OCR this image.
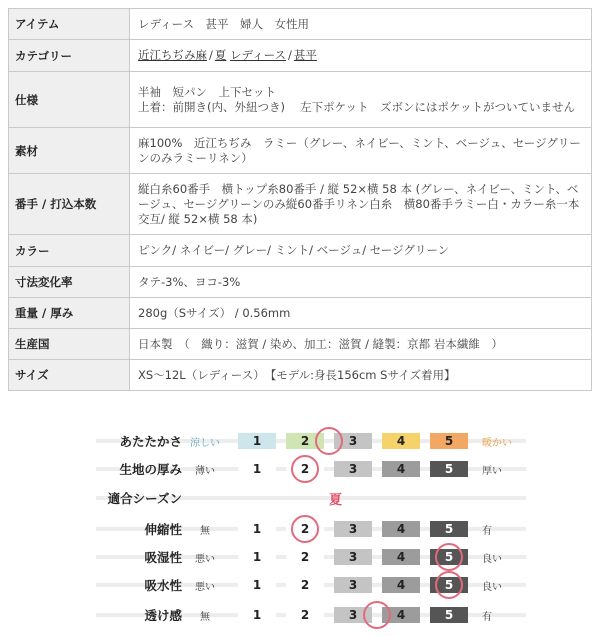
アイテム	レディース　甚平　婦人　女性用
カテゴリー	近江ちぢみ麻 / 夏 レディース / 甚平
仕様	半袖　短パン　上下セット
上着：前開き(内、外紐つき)　 左下ポケット　ズボンにはポケットがついていません

素材	麻100%　近江ちぢみ　ラミー（グレー、ネイビー、ミント、ベージュ、セージグリーンのみラミーリネン）
番手 / 打込本数	縦白糸60番手　横トップ糸80番手 / 縦 52×横 58 本 (グレー、ネイビー、ミント、ベージュ、セージグリーンのみ縦60番手リネン白糸　横80番手ラミー白・カラー糸一本交互/ 縦 52×横 58 本)
カラー	ピンク/ ネイビー/ グレー/ ミント/ ベージュ/ セージグリーン
寸法変化率	タテ-3%、ヨコ-3%
重量 / 厚み	280g（Sサイズ） / 0.56mm
生産国	日本製　（　織り：滋賀 / 染め、加工：滋賀 / 縫製：京都 岩本繊維　）
サイズ	XS～12L（レディース）　【モデル:身長156cm Sサイズ着用】
あたたかさ 涼しい	暖かい
1	2	3	4	5
生地の厚み	薄い	厚い
1	2	3	4	5
適合シーズン	夏
伸縮性	無	有
1	2	3	4	5
吸湿性	悪い	良い
1	2	3	4	5
吸水性	悪い	良い
1	2	3	4	5
透け感	無	有
1	2	3	4	5
